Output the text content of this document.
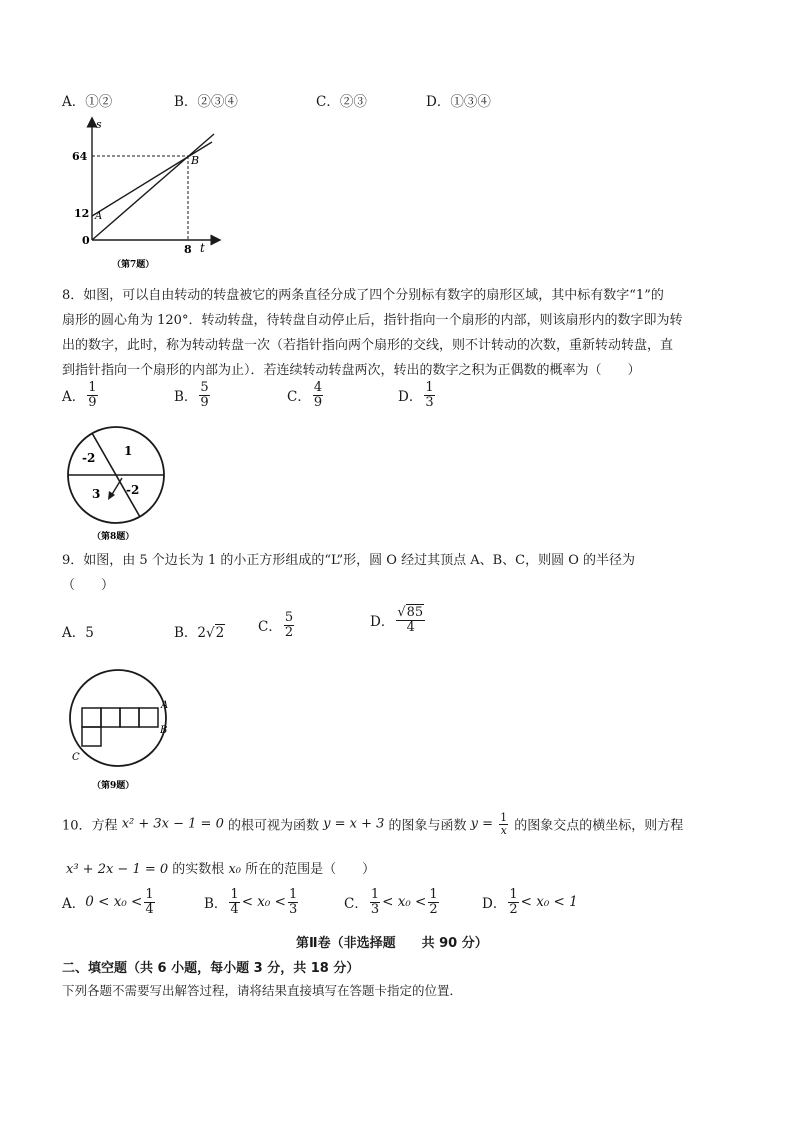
A．①②	B．②③④	C．②③	D．①③④
s
t
0
64
12
8
A
B
（第7题）
8．如图，可以自由转动的转盘被它的两条直径分成了四个分别标有数字的扇形区域，其中标有数字“1”的
扇形的圆心角为 120°．转动转盘，待转盘自动停止后，指针指向一个扇形的内部，则该扇形内的数字即为转
出的数字，此时，称为转动转盘一次（若指针指向两个扇形的交线，则不计转动的次数，重新转动转盘，直
到指针指向一个扇形的内部为止）．若连续转动转盘两次，转出的数字之积为正偶数的概率为（　　）
A． $\frac{1}{9}$	B． $\frac{5}{9}$	C． $\frac{4}{9}$	D． $\frac{1}{3}$
-2 1
3 -2
（第8题）
9．如图，由 5 个边长为 1 的小正方形组成的“L”形，圆 O 经过其顶点 A、B、C，则圆 O 的半径为
（　　）
A．5	B．2√2	C． $\frac{5}{2}$	D． $\frac{√85}{4}$
A
B
C
（第9题）
10．方程 x² + 3x − 1 = 0 的根可视为函数 y = x + 3 的图象与函数 $y = \frac{1}{x}$ 的图象交点的横坐标，则方程
x³ + 2x − 1 = 0 的实数根 x₀ 所在的范围是（　　）
A．$0 < x_0 < \frac{1}{4}$	B． $\frac{1}{4} < x_0 < \frac{1}{3}$	C． $\frac{1}{3} < x_0 < \frac{1}{2}$	D． $\frac{1}{2} < x_0 < 1$
第Ⅱ卷（非选择题　　共 90 分）
二、填空题（共 6 小题，每小题 3 分，共 18 分）
下列各题不需要写出解答过程，请将结果直接填写在答题卡指定的位置．
